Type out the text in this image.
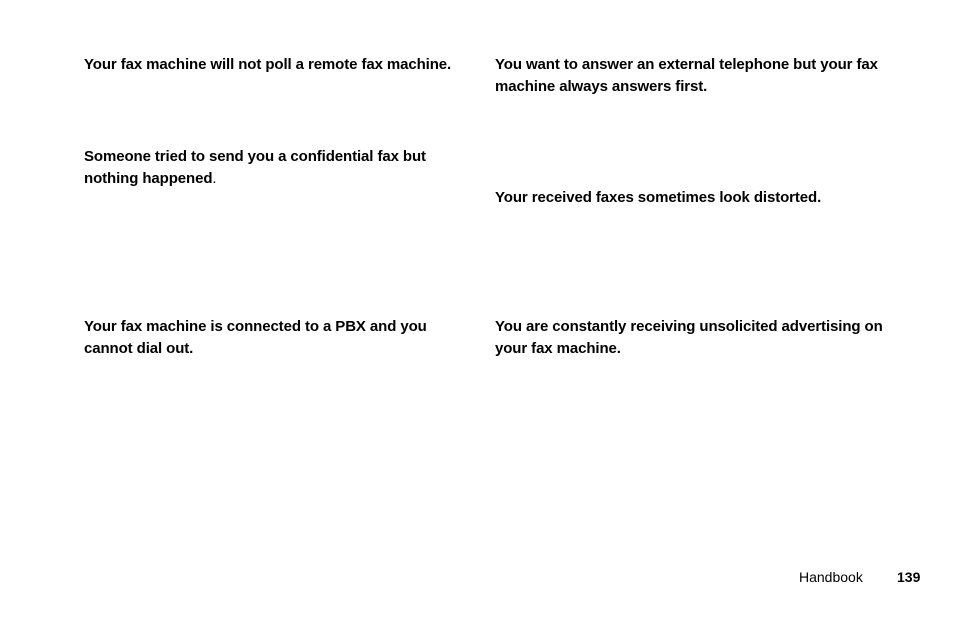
Your fax machine will not poll a remote fax machine.

Someone tried to send you a confidential fax but nothing happened.

Your fax machine is connected to a PBX and you cannot dial out.

You want to answer an external telephone but your fax machine always answers first.

Your received faxes sometimes look distorted.

You are constantly receiving unsolicited advertising on your fax machine.

Handbook 139
